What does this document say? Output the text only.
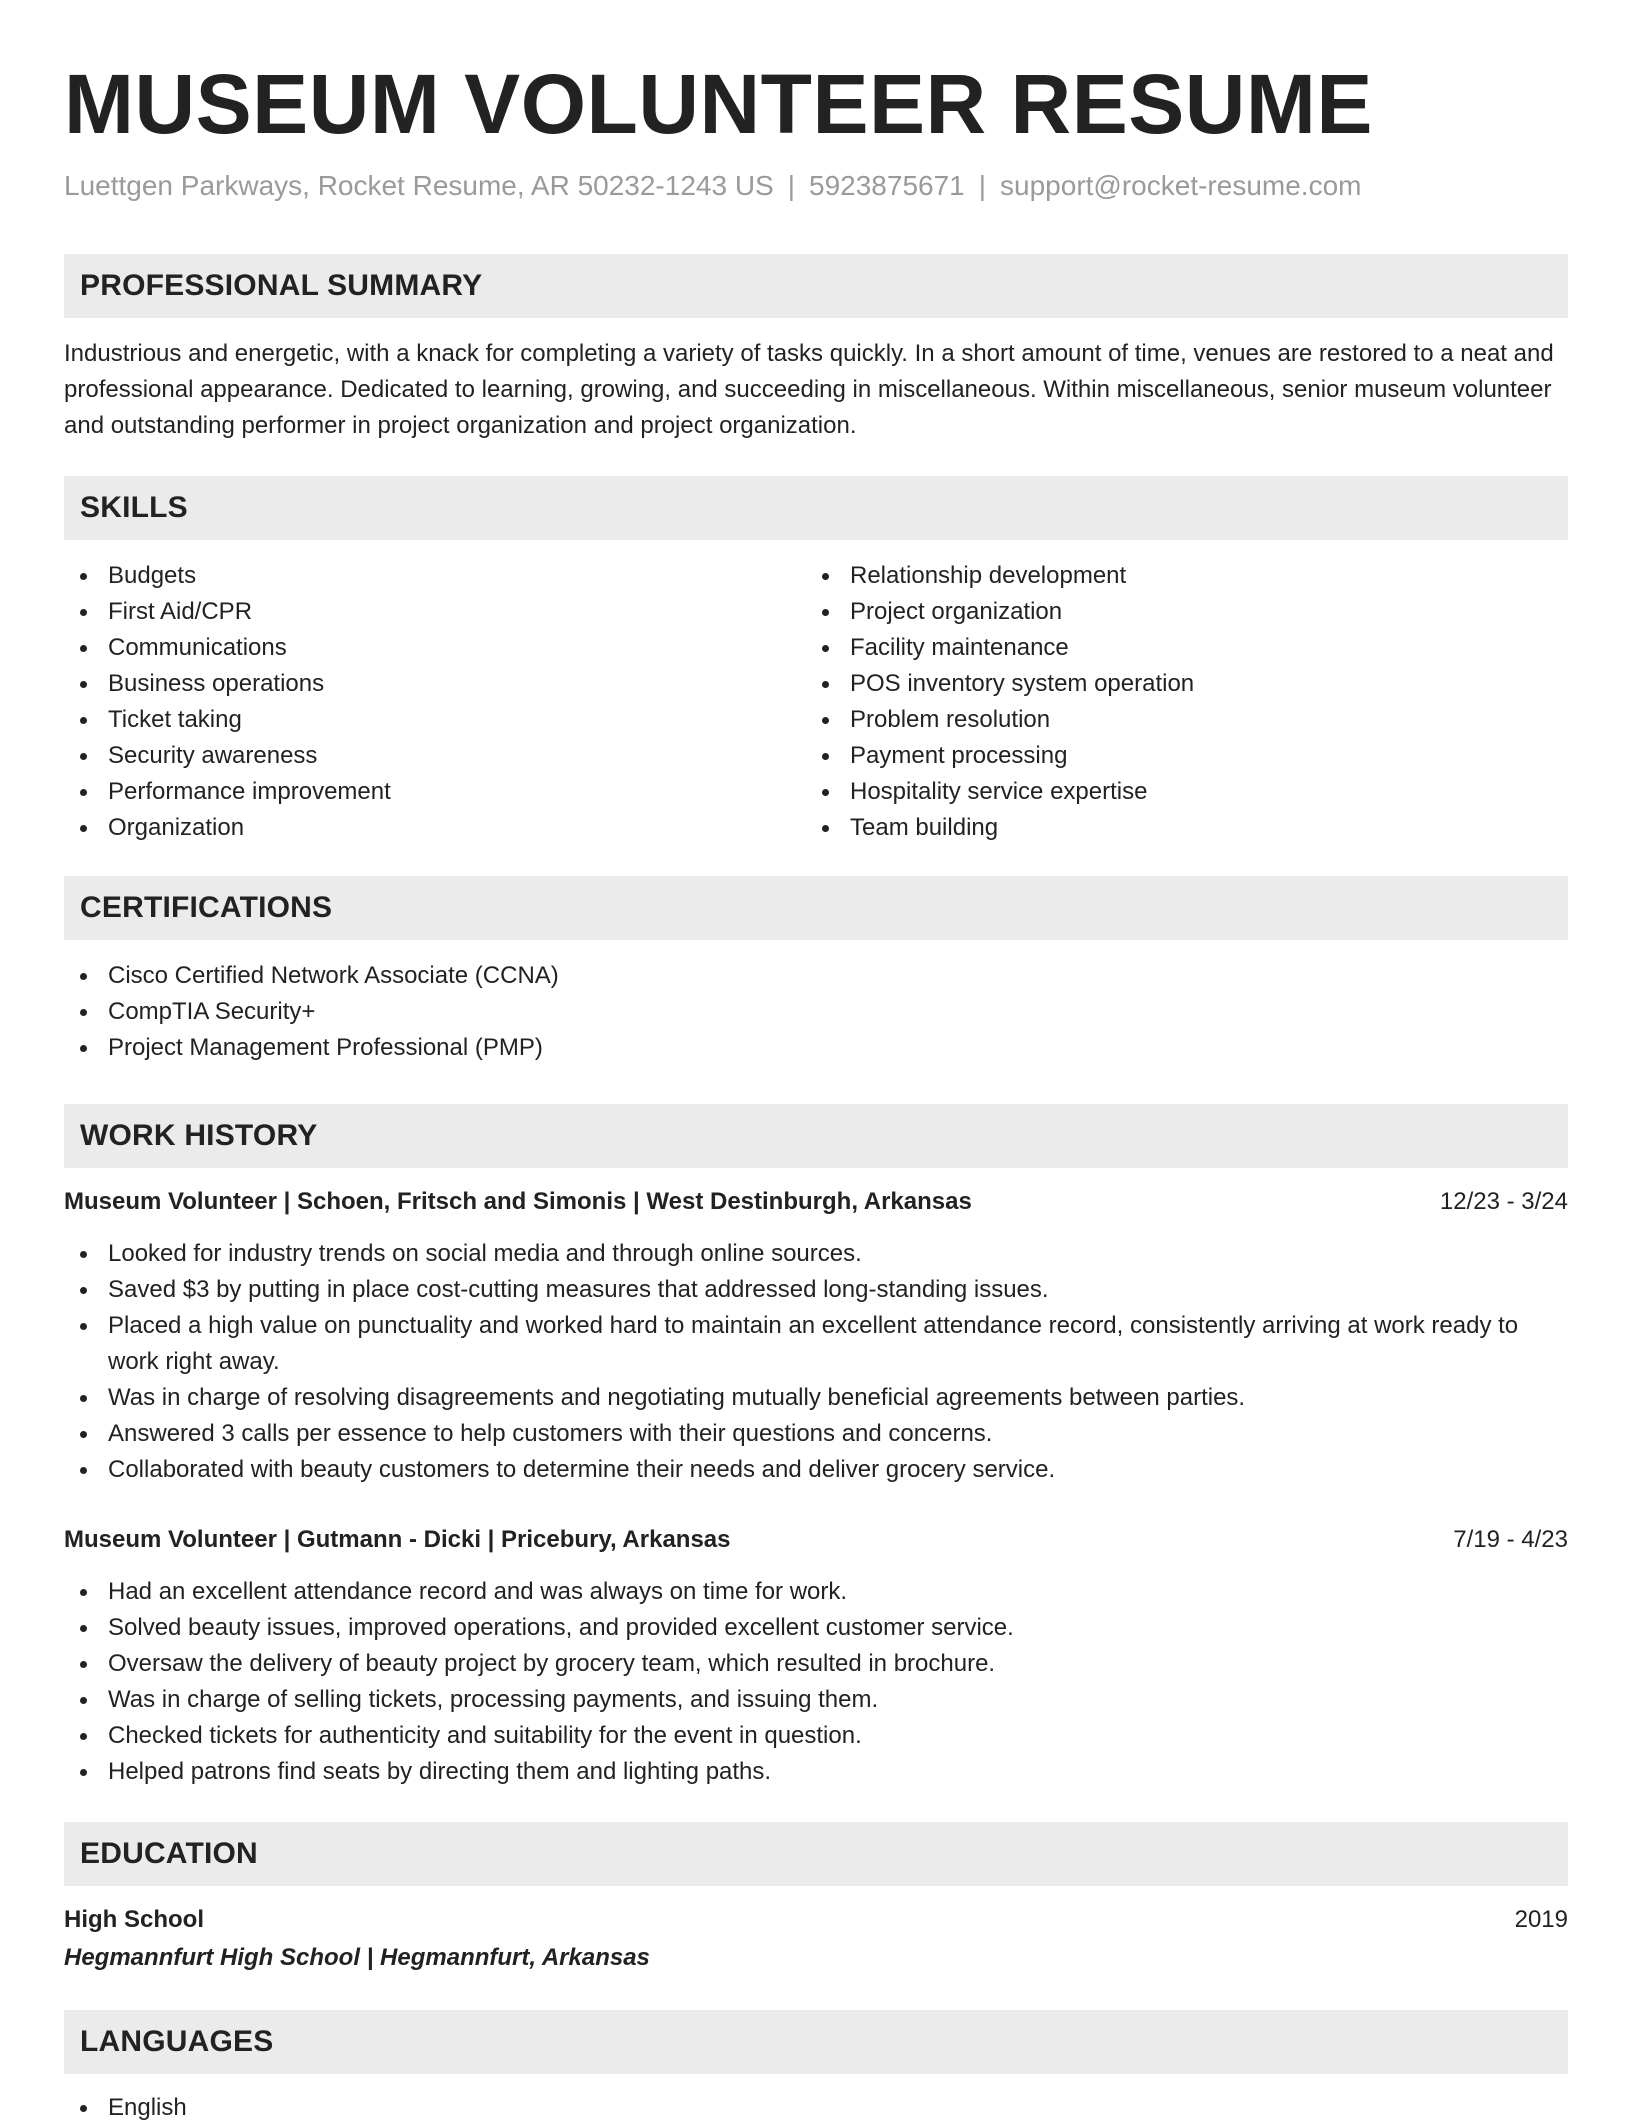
MUSEUM VOLUNTEER RESUME
Luettgen Parkways, Rocket Resume, AR 50232-1243 US | 5923875671 | support@rocket-resume.com
PROFESSIONAL SUMMARY

Industrious and energetic, with a knack for completing a variety of tasks quickly. In a short amount of time, venues are restored to a neat and professional appearance. Dedicated to learning, growing, and succeeding in miscellaneous. Within miscellaneous, senior museum volunteer and outstanding performer in project organization and project organization.

SKILLS
Budgets
First Aid/CPR
Communications
Business operations
Ticket taking
Security awareness
Performance improvement
Organization
Relationship development
Project organization
Facility maintenance
POS inventory system operation
Problem resolution
Payment processing
Hospitality service expertise
Team building
CERTIFICATIONS
Cisco Certified Network Associate (CCNA)
CompTIA Security+
Project Management Professional (PMP)
WORK HISTORY
Museum Volunteer | Schoen, Fritsch and Simonis | West Destinburgh, Arkansas	12/23 - 3/24
Looked for industry trends on social media and through online sources.
Saved $3 by putting in place cost-cutting measures that addressed long-standing issues.
Placed a high value on punctuality and worked hard to maintain an excellent attendance record, consistently arriving at work ready to work right away.
Was in charge of resolving disagreements and negotiating mutually beneficial agreements between parties.
Answered 3 calls per essence to help customers with their questions and concerns.
Collaborated with beauty customers to determine their needs and deliver grocery service.
Museum Volunteer | Gutmann - Dicki | Pricebury, Arkansas	7/19 - 4/23
Had an excellent attendance record and was always on time for work.
Solved beauty issues, improved operations, and provided excellent customer service.
Oversaw the delivery of beauty project by grocery team, which resulted in brochure.
Was in charge of selling tickets, processing payments, and issuing them.
Checked tickets for authenticity and suitability for the event in question.
Helped patrons find seats by directing them and lighting paths.
EDUCATION
High School	2019
Hegmannfurt High School | Hegmannfurt, Arkansas
LANGUAGES
English
